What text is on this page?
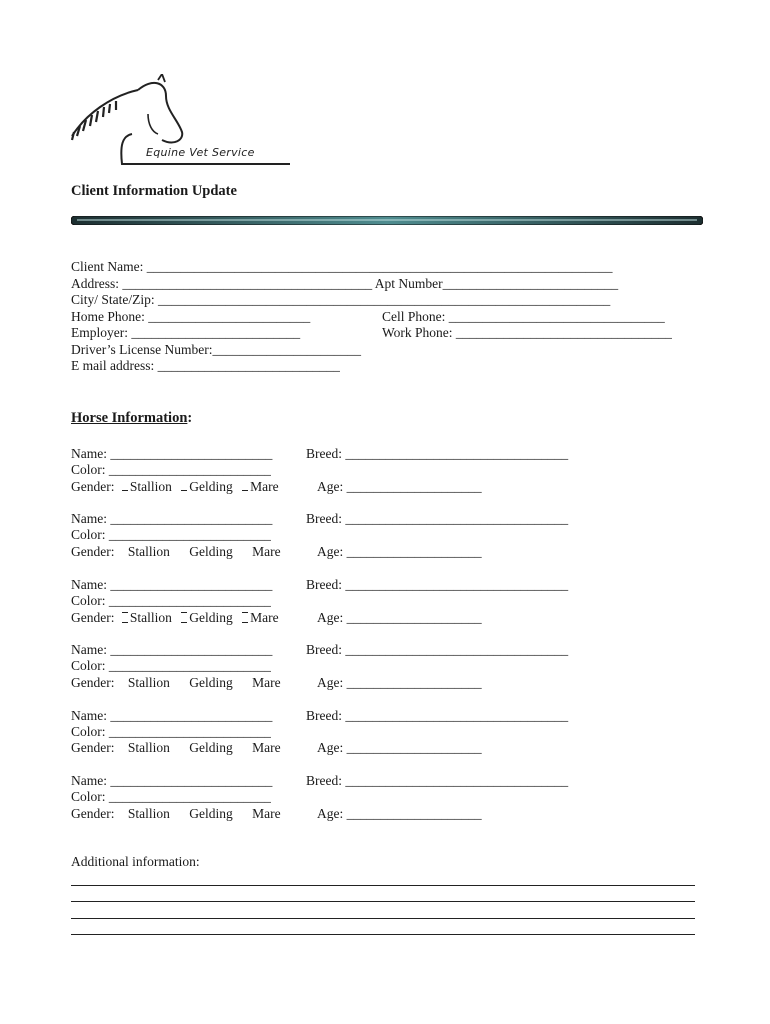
Equine Vet Service
Client Information Update
Client Name: _____________________________________________________________________
Address: _____________________________________ Apt Number__________________________
City/ State/Zip: ___________________________________________________________________
Home Phone: ________________________	Cell Phone: ________________________________
Employer: _________________________	Work Phone: ________________________________
Driver’s License Number:______________________
E mail address: ___________________________
Horse Information:
Name: ________________________ Breed: _________________________________
Color: ________________________
Gender: Stallion Gelding Mare	Age: ____________________
Name: ________________________ Breed: _________________________________
Color: ________________________
Gender: Stallion Gelding Mare	Age: ____________________
Name: ________________________ Breed: _________________________________
Color: ________________________
Gender: Stallion Gelding Mare	Age: ____________________
Name: ________________________ Breed: _________________________________
Color: ________________________
Gender: Stallion Gelding Mare	Age: ____________________
Name: ________________________ Breed: _________________________________
Color: ________________________
Gender: Stallion Gelding Mare	Age: ____________________
Name: ________________________ Breed: _________________________________
Color: ________________________
Gender: Stallion Gelding Mare	Age: ____________________
Additional information:
